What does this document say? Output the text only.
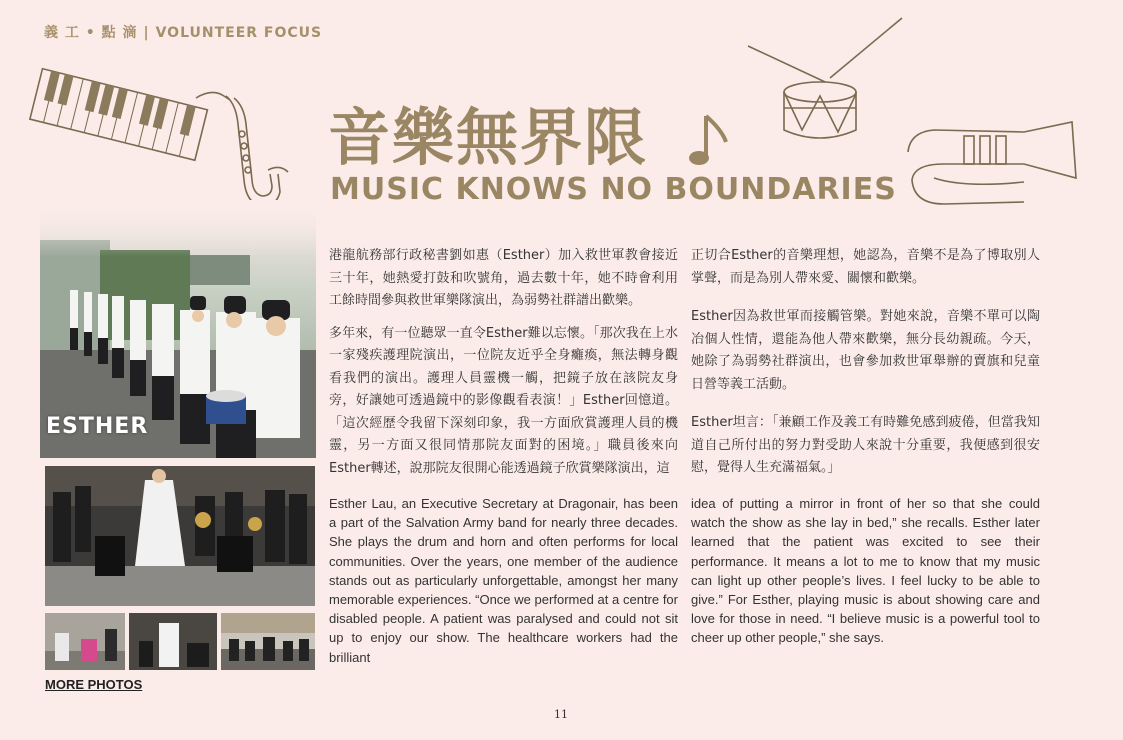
義 工 • 點 滴 | VOLUNTEER FOCUS
音樂無界限
MUSIC KNOWS NO BOUNDARIES
ESTHER
MORE PHOTOS

港龍航務部行政秘書劉如惠（Esther）加入救世軍教會接近三十年，她熱愛打鼓和吹號角，過去數十年，她不時會利用工餘時間參與救世軍樂隊演出，為弱勢社群譜出歡樂。

多年來，有一位聽眾一直令Esther難以忘懷。「那次我在上水一家殘疾護理院演出，一位院友近乎全身癱瘓，無法轉身觀看我們的演出。護理人員靈機一觸，把鏡子放在該院友身旁，好讓她可透過鏡中的影像觀看表演！」Esther回憶道。「這次經歷令我留下深刻印象，我一方面欣賞護理人員的機靈，另一方面又很同情那院友面對的困境。」職員後來向Esther轉述，說那院友很開心能透過鏡子欣賞樂隊演出，這

正切合Esther的音樂理想，她認為，音樂不是為了博取別人掌聲，而是為別人帶來愛、關懷和歡樂。

Esther因為救世軍而接觸管樂。對她來說，音樂不單可以陶冶個人性情，還能為他人帶來歡樂，無分長幼親疏。今天，她除了為弱勢社群演出，也會參加救世軍舉辦的賣旗和兒童日營等義工活動。

Esther坦言：「兼顧工作及義工有時難免感到疲倦，但當我知道自己所付出的努力對受助人來說十分重要，我便感到很安慰，覺得人生充滿福氣。」

Esther Lau, an Executive Secretary at Dragonair, has been a part of the Salvation Army band for nearly three decades. She plays the drum and horn and often performs for local communities. Over the years, one member of the audience stands out as particularly unforgettable, amongst her many memorable experiences. “Once we performed at a centre for disabled people. A patient was paralysed and could not sit up to enjoy our show. The healthcare workers had the brilliant
idea of putting a mirror in front of her so that she could watch the show as she lay in bed,” she recalls. Esther later learned that the patient was excited to see their performance. It means a lot to me to know that my music can light up other people’s lives. I feel lucky to be able to give.” For Esther, playing music is about showing care and love for those in need. “I believe music is a powerful tool to cheer up other people,” she says.
11
